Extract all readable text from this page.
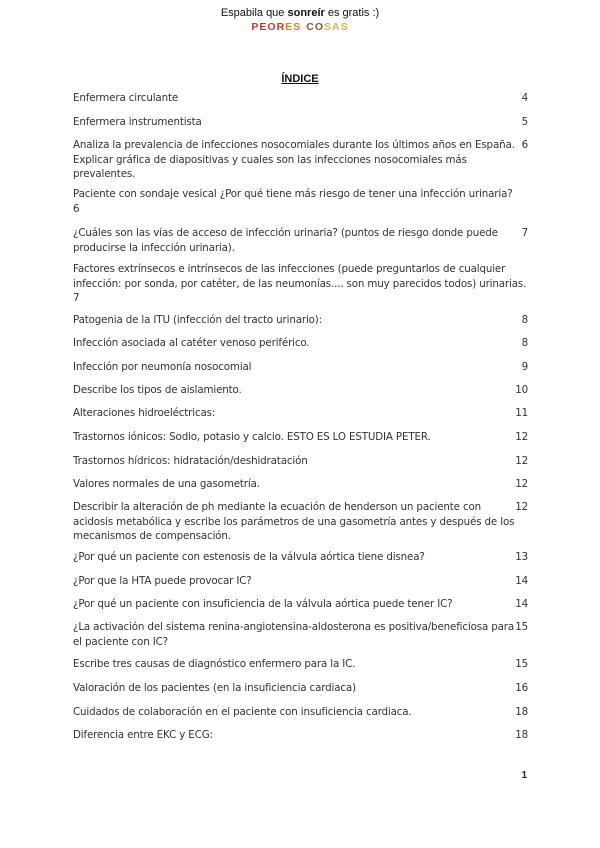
Espabila que sonreír es gratis :)
PEORES COSAS
ÍNDICE
4
Enfermera circulante
5
Enfermera instrumentista
6
Analiza la prevalencia de infecciones nosocomiales durante los últimos años en España. Explicar gráfica de diapositivas y cuales son las infecciones nosocomiales más prevalentes.
Paciente con sondaje vesical ¿Por qué tiene más riesgo de tener una infección urinaria?
6
7
¿Cuáles son las vías de acceso de infección urinaria? (puntos de riesgo donde puede producirse la infección urinaria).
Factores extrínsecos e intrínsecos de las infecciones (puede preguntarlos de cualquier infección: por sonda, por catéter, de las neumonías.... son muy parecidos todos) urinarias.
7
8
Patogenia de la ITU (infección del tracto urinario):
8
Infección asociada al catéter venoso periférico.
9
Infección por neumonía nosocomial
10
Describe los tipos de aislamiento.
11
Alteraciones hidroeléctricas:
12
Trastornos iónicos: Sodio, potasio y calcio. ESTO ES LO ESTUDIA PETER.
12
Trastornos hídricos: hidratación/deshidratación
12
Valores normales de una gasometría.
12
Describir la alteración de ph mediante la ecuación de henderson un paciente con acidosis metabólica y escribe los parámetros de una gasometría antes y después de los mecanismos de compensación.
13
¿Por qué un paciente con estenosis de la válvula aórtica tiene disnea?
14
¿Por que la HTA puede provocar IC?
14
¿Por qué un paciente con insuficiencia de la válvula aórtica puede tener IC?
15
¿La activación del sistema renina-angiotensina-aldosterona es positiva/beneficiosa para el paciente con IC?
15
Escribe tres causas de diagnóstico enfermero para la IC.
16
Valoración de los pacientes (en la insuficiencia cardiaca)
18
Cuidados de colaboración en el paciente con insuficiencia cardiaca.
18
Diferencia entre EKC y ECG:
1
